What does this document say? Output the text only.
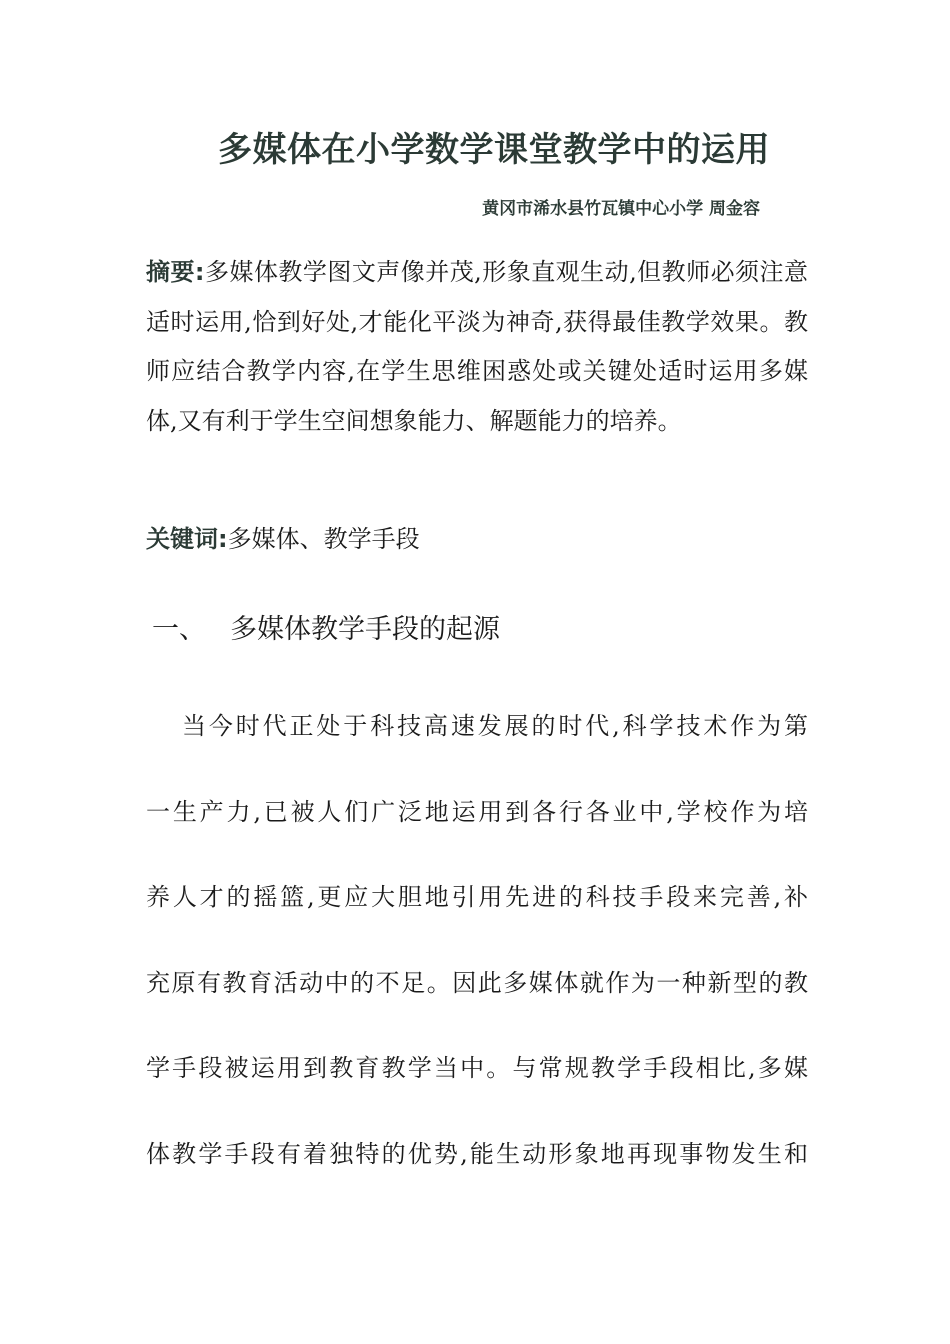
多媒体在小学数学课堂教学中的运用
黄冈市浠水县竹瓦镇中心小学 周金容

摘要:多媒体教学图文声像并茂,形象直观生动,但教师必须注意适时运用,恰到好处,才能化平淡为神奇,获得最佳教学效果。教师应结合教学内容,在学生思维困惑处或关键处适时运用多媒体,又有利于学生空间想象能力、解题能力的培养。

关键词:多媒体、教学手段

一、 多媒体教学手段的起源
当今时代正处于科技高速发展的时代,科学技术作为第
一生产力,已被人们广泛地运用到各行各业中,学校作为培
养人才的摇篮,更应大胆地引用先进的科技手段来完善,补
充原有教育活动中的不足。因此多媒体就作为一种新型的教
学手段被运用到教育教学当中。与常规教学手段相比,多媒
体教学手段有着独特的优势,能生动形象地再现事物发生和
